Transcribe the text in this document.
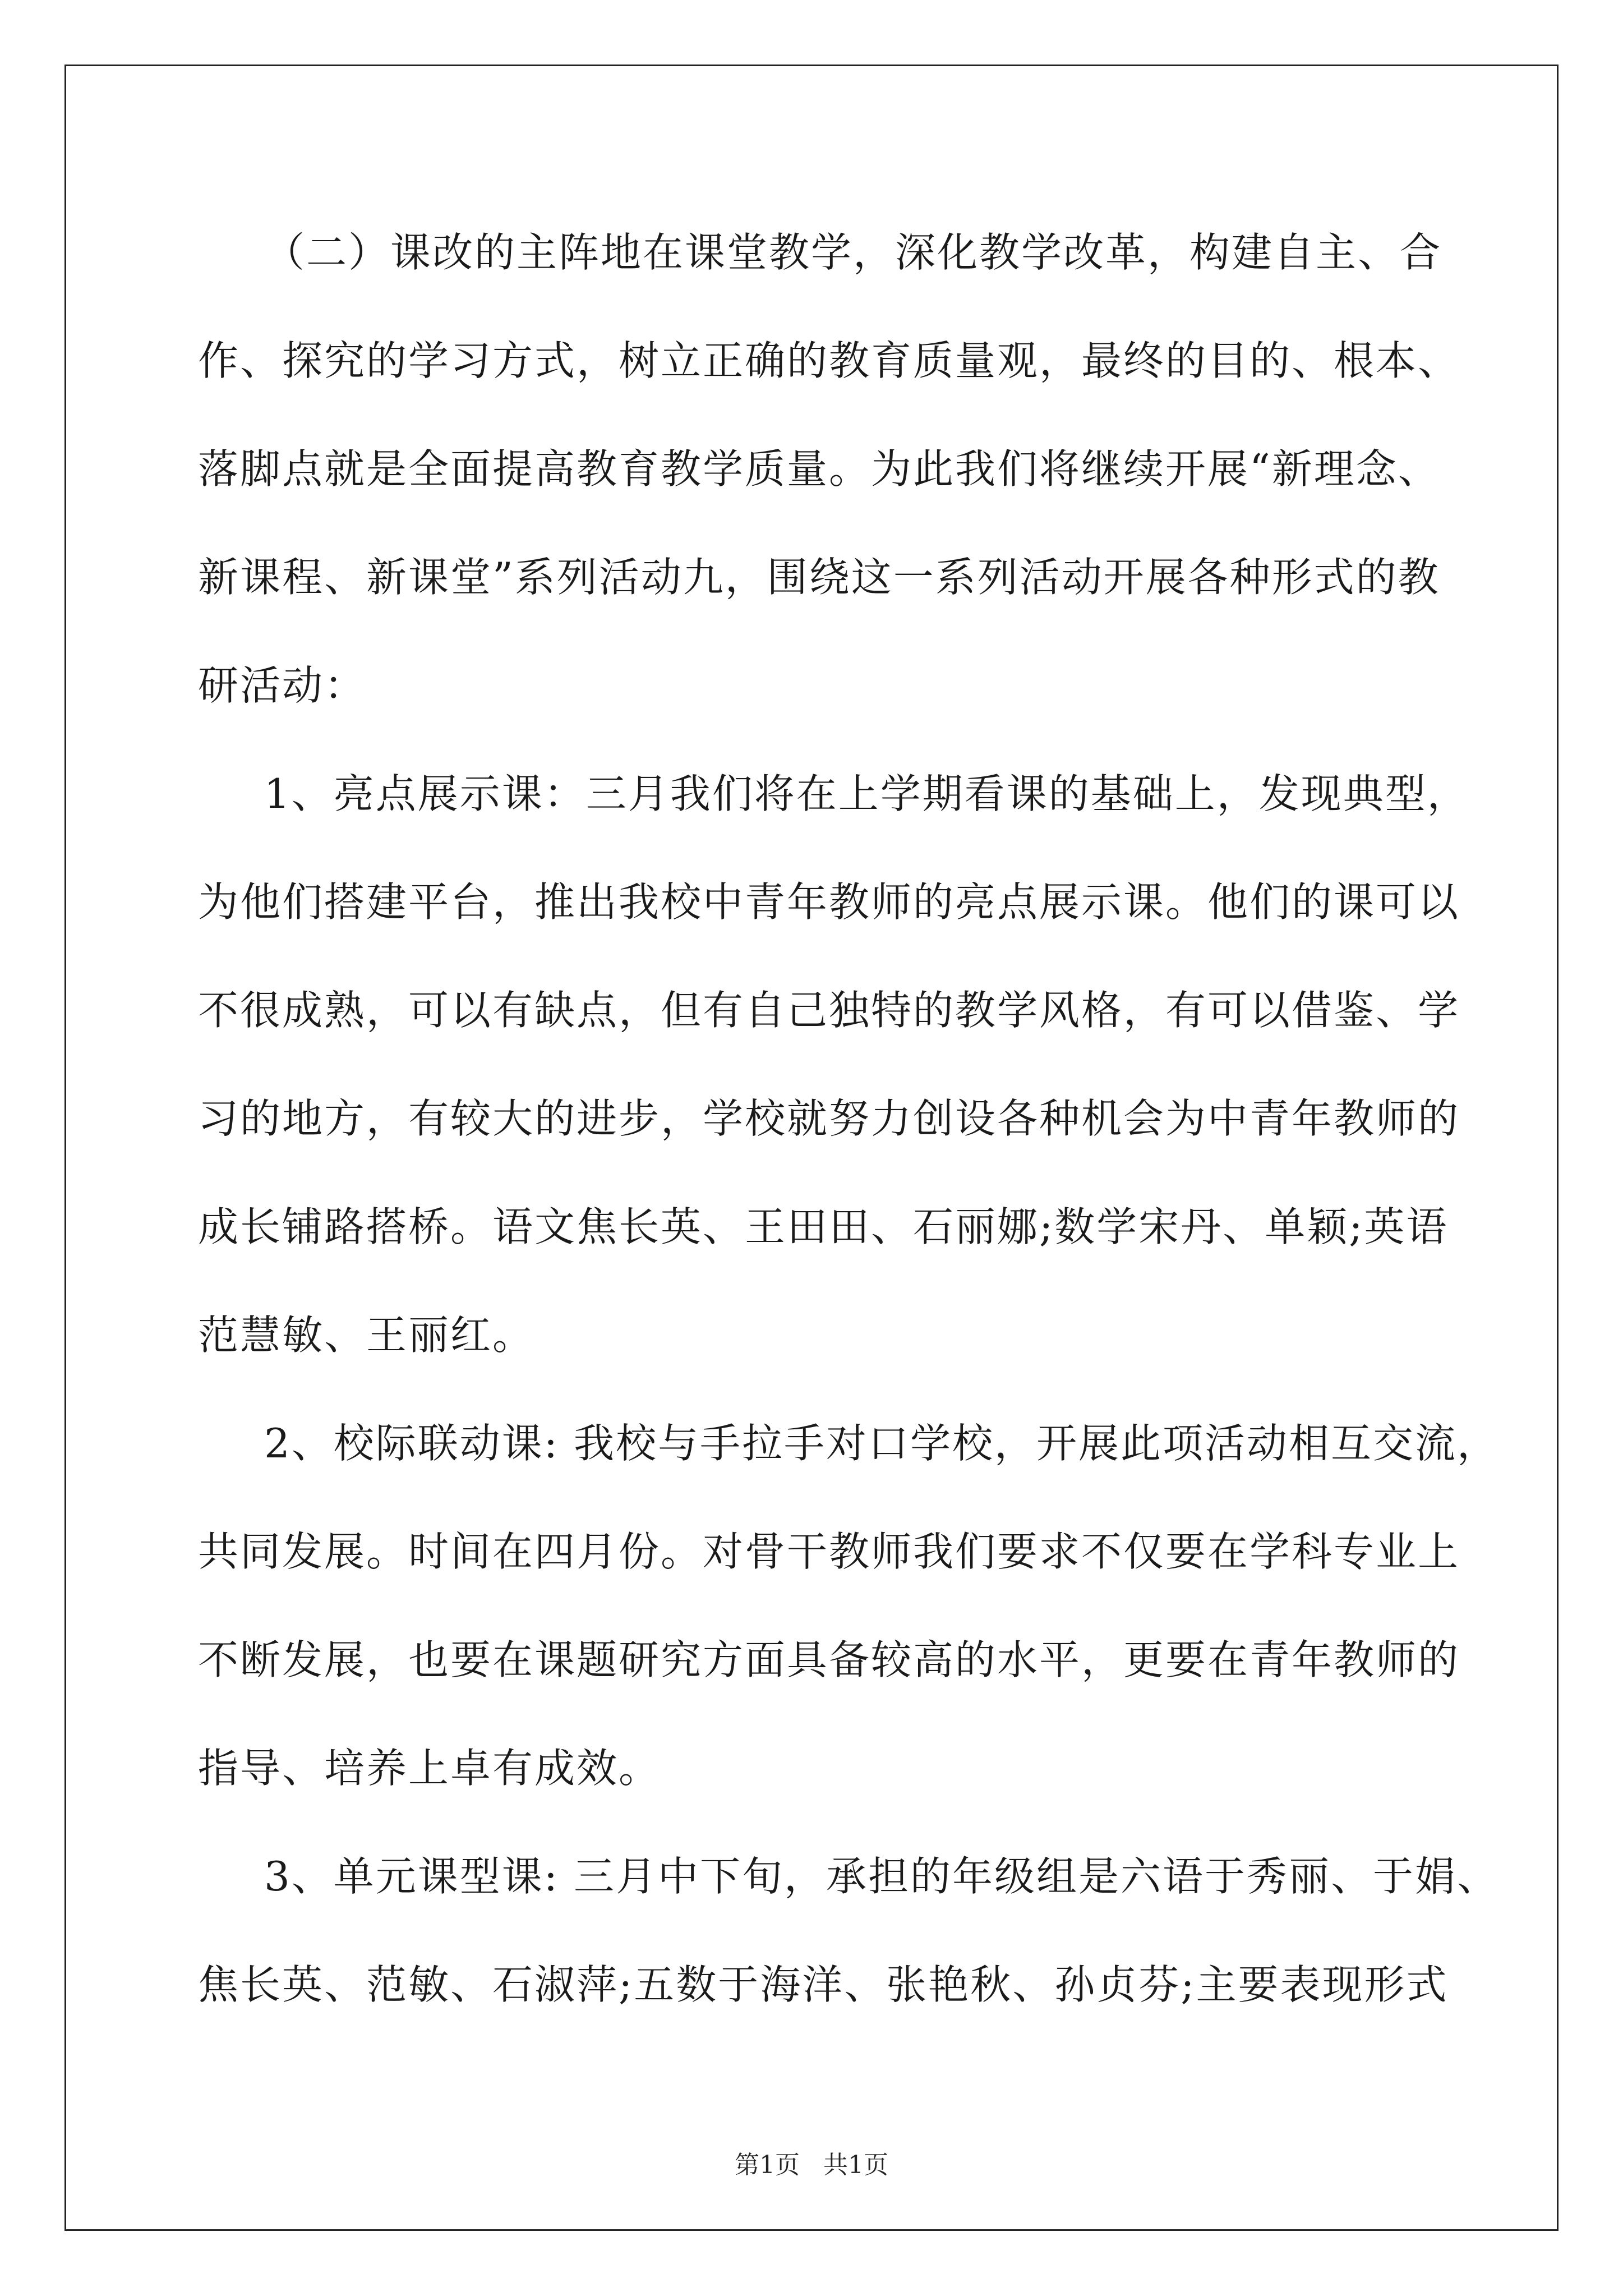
（二）课改的主阵地在课堂教学，深化教学改革，构建自主、合
作、探究的学习方式，树立正确的教育质量观，最终的目的、根本、
落脚点就是全面提高教育教学质量。为此我们将继续开展“新理念、
新课程、新课堂”系列活动九，围绕这一系列活动开展各种形式的教
研活动：
1、亮点展示课：三月我们将在上学期看课的基础上，发现典型，
为他们搭建平台，推出我校中青年教师的亮点展示课。他们的课可以
不很成熟，可以有缺点，但有自己独特的教学风格，有可以借鉴、学
习的地方，有较大的进步，学校就努力创设各种机会为中青年教师的
成长铺路搭桥。语文焦长英、王田田、石丽娜;数学宋丹、单颖;英语
范慧敏、王丽红。
2、校际联动课: 我校与手拉手对口学校，开展此项活动相互交流，
共同发展。时间在四月份。对骨干教师我们要求不仅要在学科专业上
不断发展，也要在课题研究方面具备较高的水平，更要在青年教师的
指导、培养上卓有成效。
3、单元课型课: 三月中下旬，承担的年级组是六语于秀丽、于娟、
焦长英、范敏、石淑萍;五数于海洋、张艳秋、孙贞芬;主要表现形式
第1页 共1页
